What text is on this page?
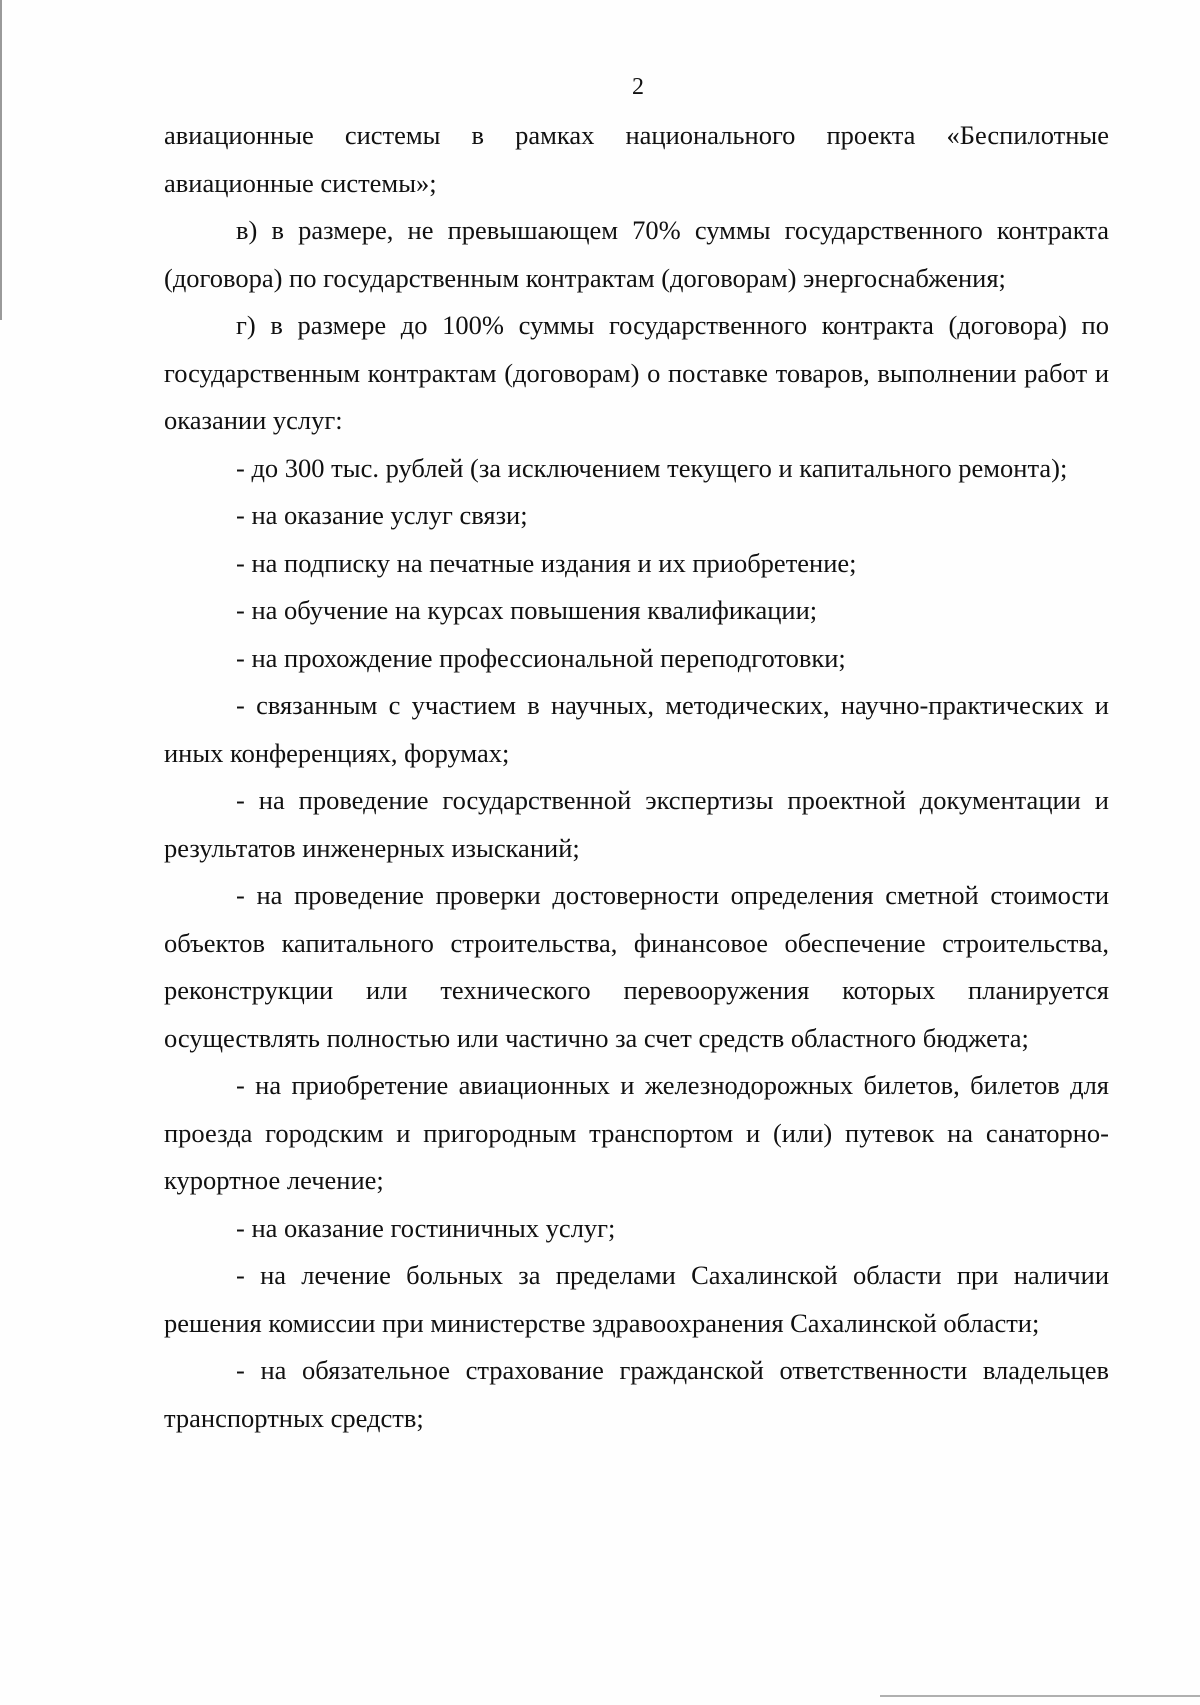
2

авиационные системы в рамках национального проекта «Беспилотные авиационные системы»;

в) в размере, не превышающем 70% суммы государственного контракта (договора) по государственным контрактам (договорам) энергоснабжения;

г) в размере до 100% суммы государственного контракта (договора) по государственным контрактам (договорам) о поставке товаров, выполнении работ и оказании услуг:

- до 300 тыс. рублей (за исключением текущего и капитального ремонта);

- на оказание услуг связи;

- на подписку на печатные издания и их приобретение;

- на обучение на курсах повышения квалификации;

- на прохождение профессиональной переподготовки;

- связанным с участием в научных, методических, научно-практических и иных конференциях, форумах;

- на проведение государственной экспертизы проектной документации и результатов инженерных изысканий;

- на проведение проверки достоверности определения сметной стоимости объектов капитального строительства, финансовое обеспечение строительства, реконструкции или технического перевооружения которых планируется осуществлять полностью или частично за счет средств областного бюджета;

- на приобретение авиационных и железнодорожных билетов, билетов для проезда городским и пригородным транспортом и (или) путевок на санаторно-курортное лечение;

- на оказание гостиничных услуг;

- на лечение больных за пределами Сахалинской области при наличии решения комиссии при министерстве здравоохранения Сахалинской области;

- на обязательное страхование гражданской ответственности владельцев транспортных средств;
